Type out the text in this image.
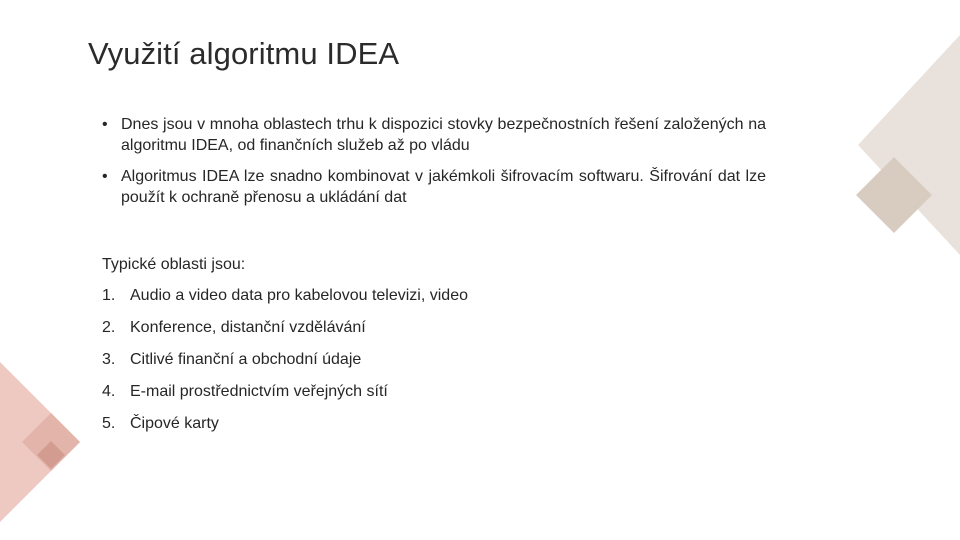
Využití algoritmu IDEA
• Dnes jsou v mnoha oblastech trhu k dispozici stovky bezpečnostních řešení založených na algoritmu IDEA, od finančních služeb až po vládu
• Algoritmus IDEA lze snadno kombinovat v jakémkoli šifrovacím softwaru. Šifrování dat lze použít k ochraně přenosu a ukládání dat

Typické oblasti jsou:

1. Audio a video data pro kabelovou televizi, video
2. Konference, distanční vzdělávání
3. Citlivé finanční a obchodní údaje
4. E-mail prostřednictvím veřejných sítí
5. Čipové karty
